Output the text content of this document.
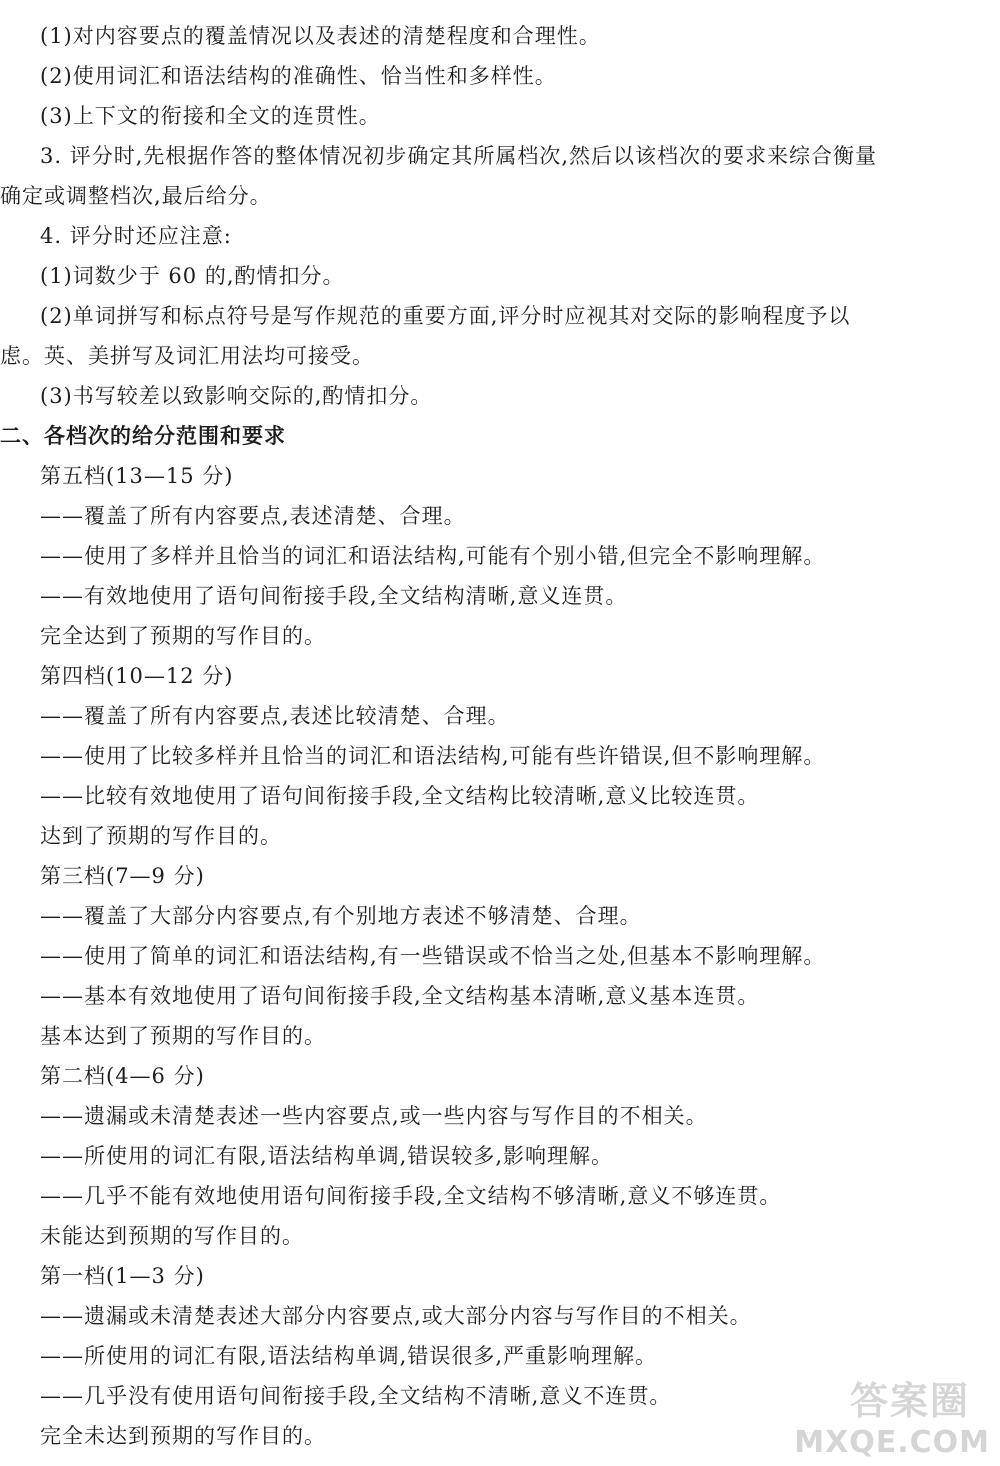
(1)对内容要点的覆盖情况以及表述的清楚程度和合理性。
(2)使用词汇和语法结构的准确性、恰当性和多样性。
(3)上下文的衔接和全文的连贯性。
3. 评分时,先根据作答的整体情况初步确定其所属档次,然后以该档次的要求来综合衡量
确定或调整档次,最后给分。
4. 评分时还应注意:
(1)词数少于 60 的,酌情扣分。
(2)单词拼写和标点符号是写作规范的重要方面,评分时应视其对交际的影响程度予以
虑。英、美拼写及词汇用法均可接受。
(3)书写较差以致影响交际的,酌情扣分。
二、各档次的给分范围和要求
第五档(13—15 分)
——覆盖了所有内容要点,表述清楚、合理。
——使用了多样并且恰当的词汇和语法结构,可能有个别小错,但完全不影响理解。
——有效地使用了语句间衔接手段,全文结构清晰,意义连贯。
完全达到了预期的写作目的。
第四档(10—12 分)
——覆盖了所有内容要点,表述比较清楚、合理。
——使用了比较多样并且恰当的词汇和语法结构,可能有些许错误,但不影响理解。
——比较有效地使用了语句间衔接手段,全文结构比较清晰,意义比较连贯。
达到了预期的写作目的。
第三档(7—9 分)
——覆盖了大部分内容要点,有个别地方表述不够清楚、合理。
——使用了简单的词汇和语法结构,有一些错误或不恰当之处,但基本不影响理解。
——基本有效地使用了语句间衔接手段,全文结构基本清晰,意义基本连贯。
基本达到了预期的写作目的。
第二档(4—6 分)
——遗漏或未清楚表述一些内容要点,或一些内容与写作目的不相关。
——所使用的词汇有限,语法结构单调,错误较多,影响理解。
——几乎不能有效地使用语句间衔接手段,全文结构不够清晰,意义不够连贯。
未能达到预期的写作目的。
第一档(1—3 分)
——遗漏或未清楚表述大部分内容要点,或大部分内容与写作目的不相关。
——所使用的词汇有限,语法结构单调,错误很多,严重影响理解。
——几乎没有使用语句间衔接手段,全文结构不清晰,意义不连贯。
完全未达到预期的写作目的。
答案圈
MXQE.COM
